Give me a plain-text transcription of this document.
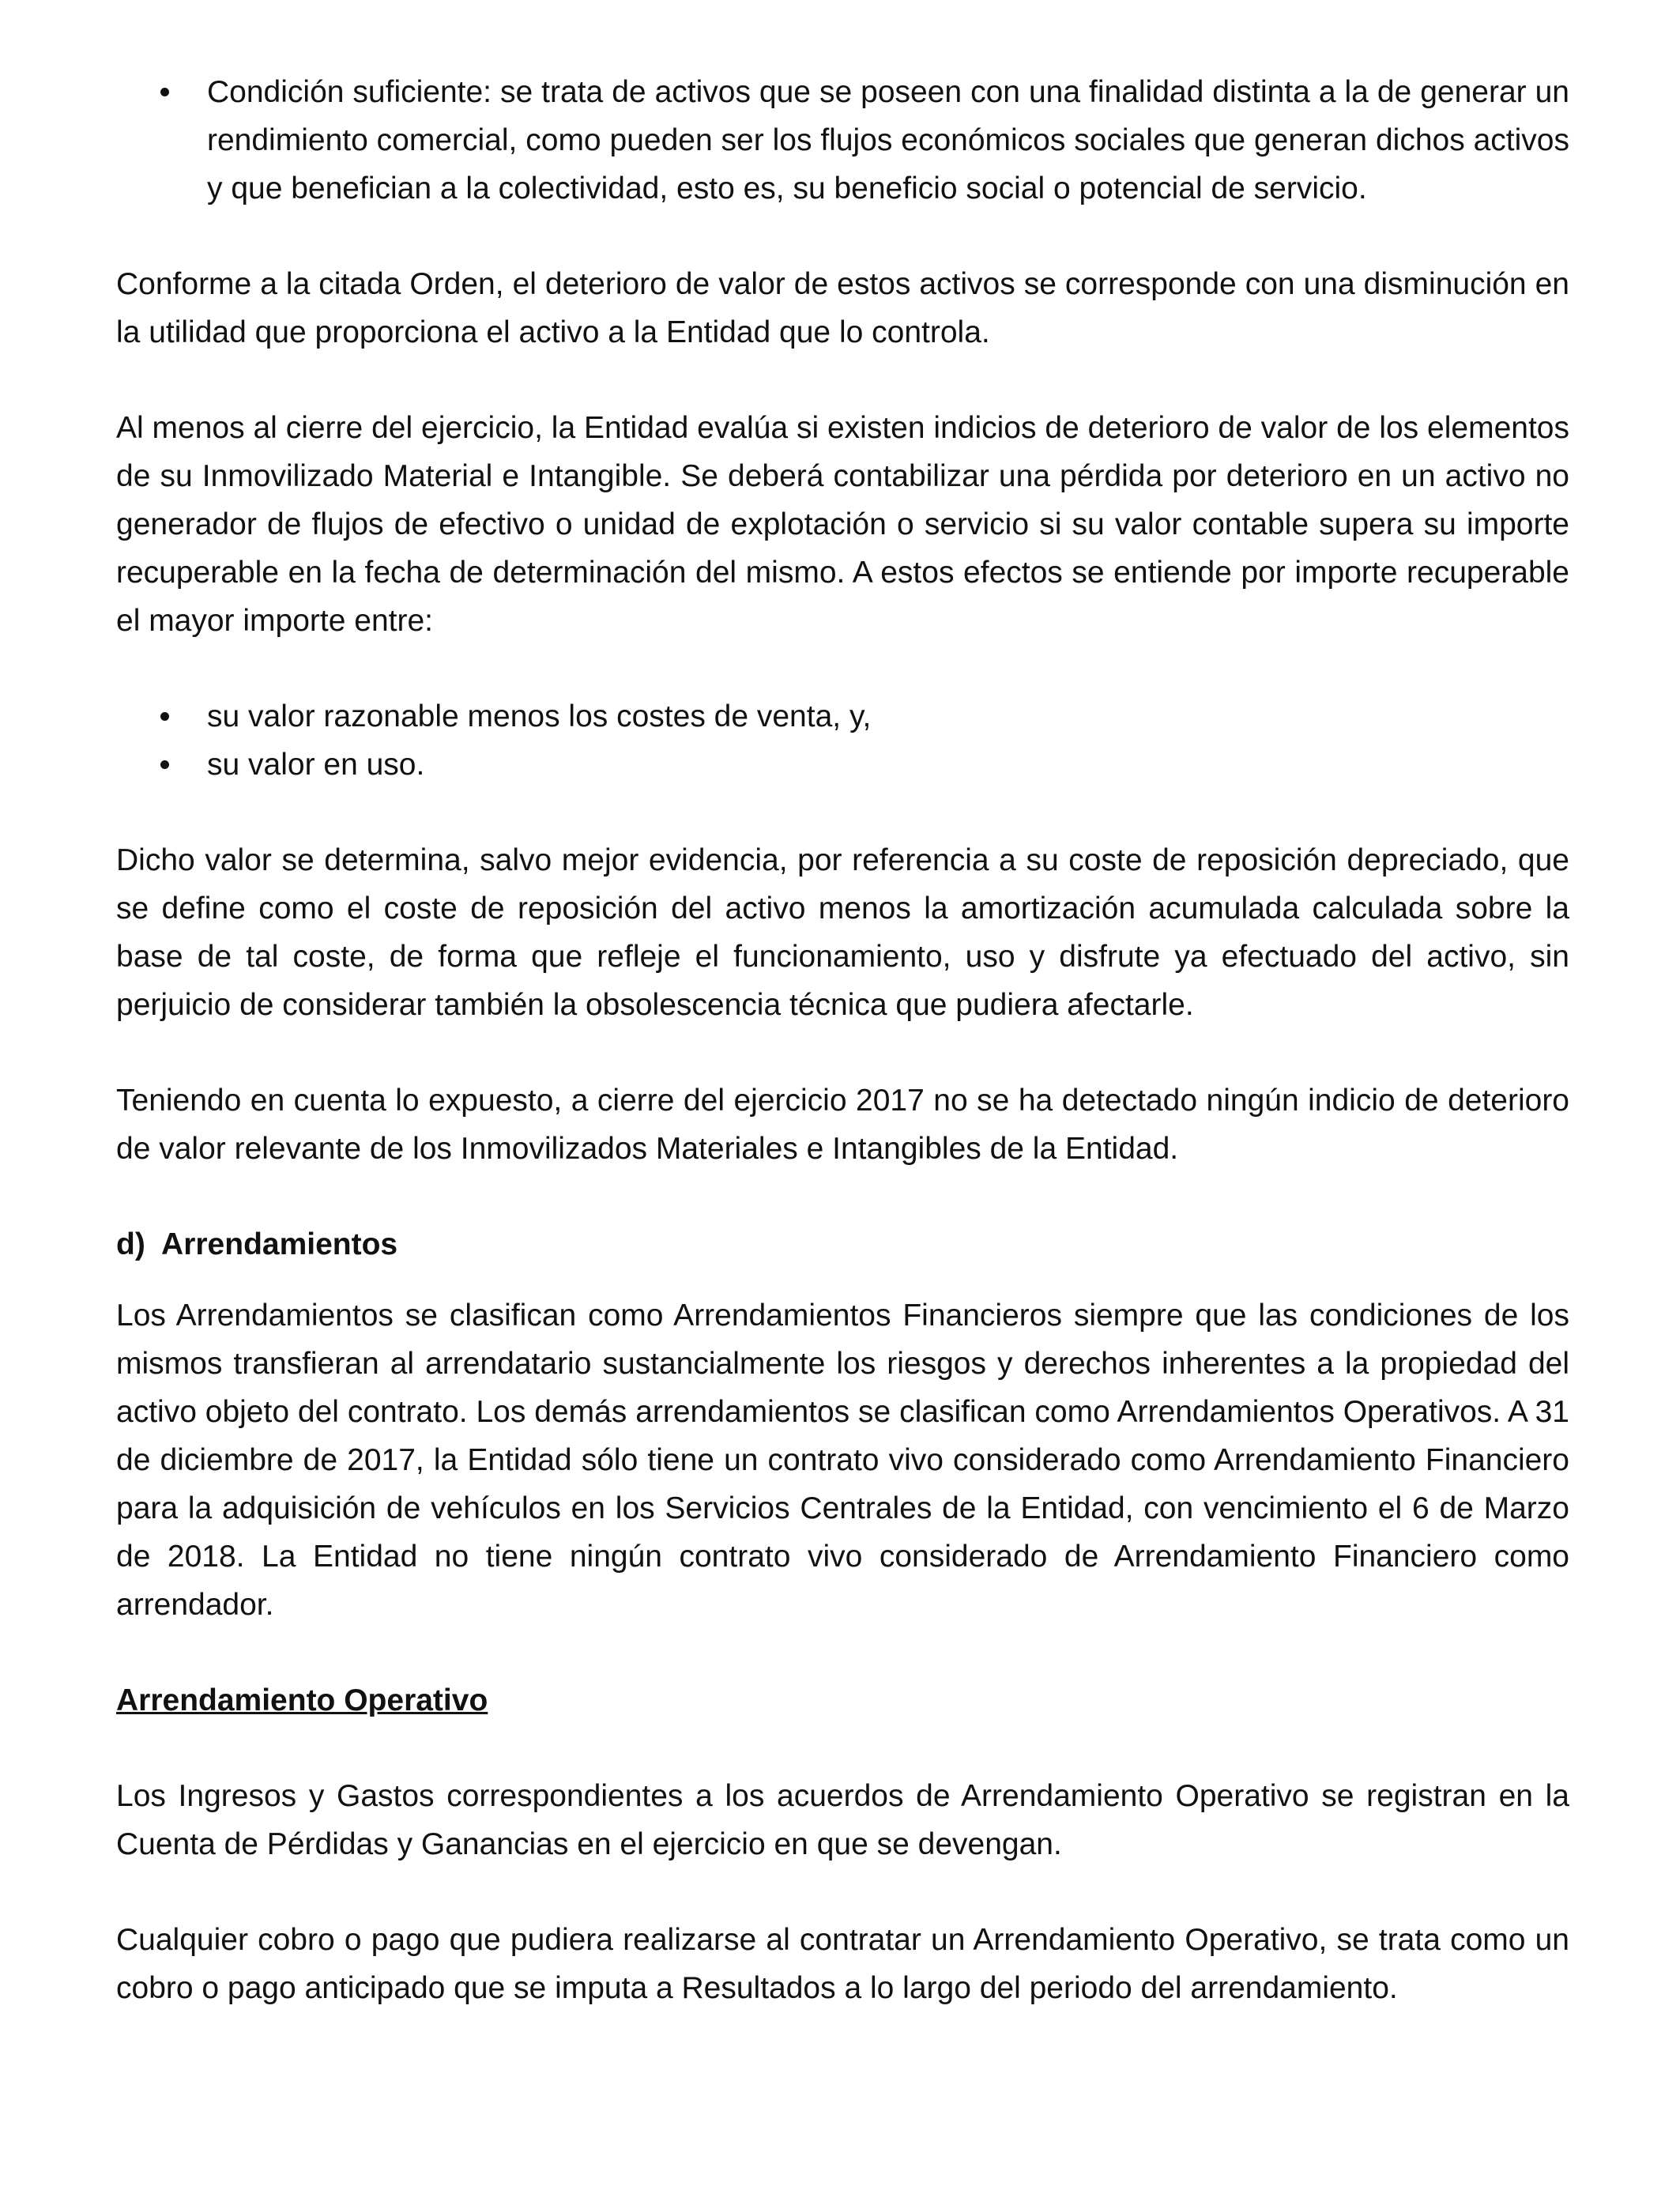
Condición suficiente: se trata de activos que se poseen con una finalidad distinta a la de generar un rendimiento comercial, como pueden ser los flujos económicos sociales que generan dichos activos y que benefician a la colectividad, esto es, su beneficio social o potencial de servicio.

Conforme a la citada Orden, el deterioro de valor de estos activos se corresponde con una disminución en la utilidad que proporciona el activo a la Entidad que lo controla.

Al menos al cierre del ejercicio, la Entidad evalúa si existen indicios de deterioro de valor de los elementos de su Inmovilizado Material e Intangible. Se deberá contabilizar una pérdida por deterioro en un activo no generador de flujos de efectivo o unidad de explotación o servicio si su valor contable supera su importe recuperable en la fecha de determinación del mismo. A estos efectos se entiende por importe recuperable el mayor importe entre:

su valor razonable menos los costes de venta, y,
su valor en uso.

Dicho valor se determina, salvo mejor evidencia, por referencia a su coste de reposición depreciado, que se define como el coste de reposición del activo menos la amortización acumulada calculada sobre la base de tal coste, de forma que refleje el funcionamiento, uso y disfrute ya efectuado del activo, sin perjuicio de considerar también la obsolescencia técnica que pudiera afectarle.

Teniendo en cuenta lo expuesto, a cierre del ejercicio 2017 no se ha detectado ningún indicio de deterioro de valor relevante de los Inmovilizados Materiales e Intangibles de la Entidad.

d)  Arrendamientos

Los Arrendamientos se clasifican como Arrendamientos Financieros siempre que las condiciones de los mismos transfieran al arrendatario sustancialmente los riesgos y derechos inherentes a la propiedad del activo objeto del contrato. Los demás arrendamientos se clasifican como Arrendamientos Operativos. A 31 de diciembre de 2017, la Entidad sólo tiene un contrato vivo considerado como Arrendamiento Financiero para la adquisición de vehículos en los Servicios Centrales de la Entidad, con vencimiento el 6 de Marzo de 2018. La Entidad no tiene ningún contrato vivo considerado de Arrendamiento Financiero como arrendador.

Arrendamiento Operativo

Los Ingresos y Gastos correspondientes a los acuerdos de Arrendamiento Operativo se registran en la Cuenta de Pérdidas y Ganancias en el ejercicio en que se devengan.

Cualquier cobro o pago que pudiera realizarse al contratar un Arrendamiento Operativo, se trata como un cobro o pago anticipado que se imputa a Resultados a lo largo del periodo del arrendamiento.
